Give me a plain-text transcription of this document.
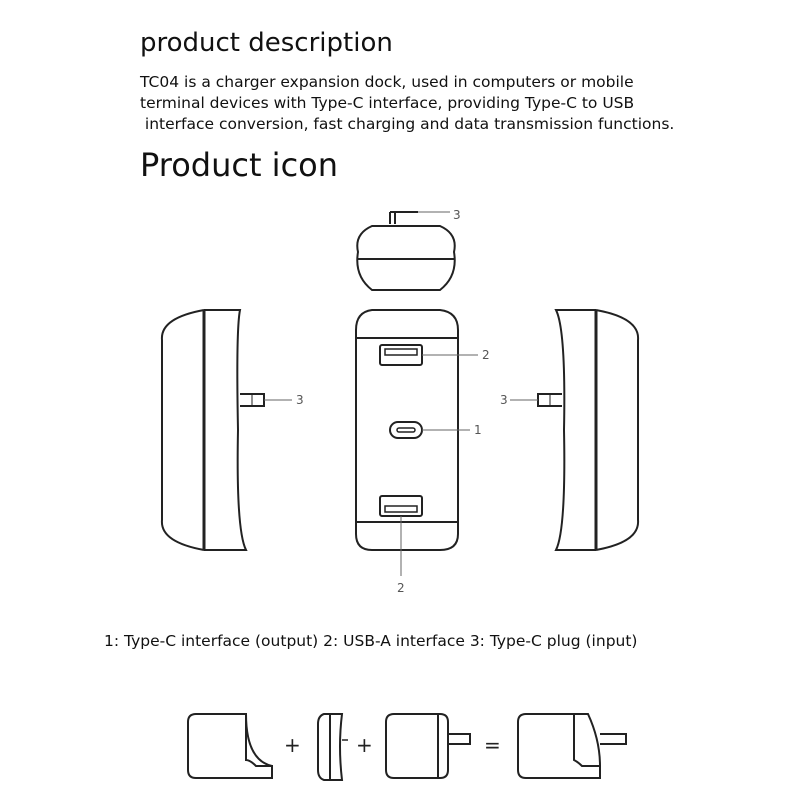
product description

TC04 is a charger expansion dock, used in computers or mobile
terminal devices with Type-C interface, providing Type-C to USB
interface conversion, fast charging and data transmission functions.

Product icon
3
3
2
1
2
3

1: Type-C interface (output) 2: USB-A interface 3: Type-C plug (input)

+	+	=
